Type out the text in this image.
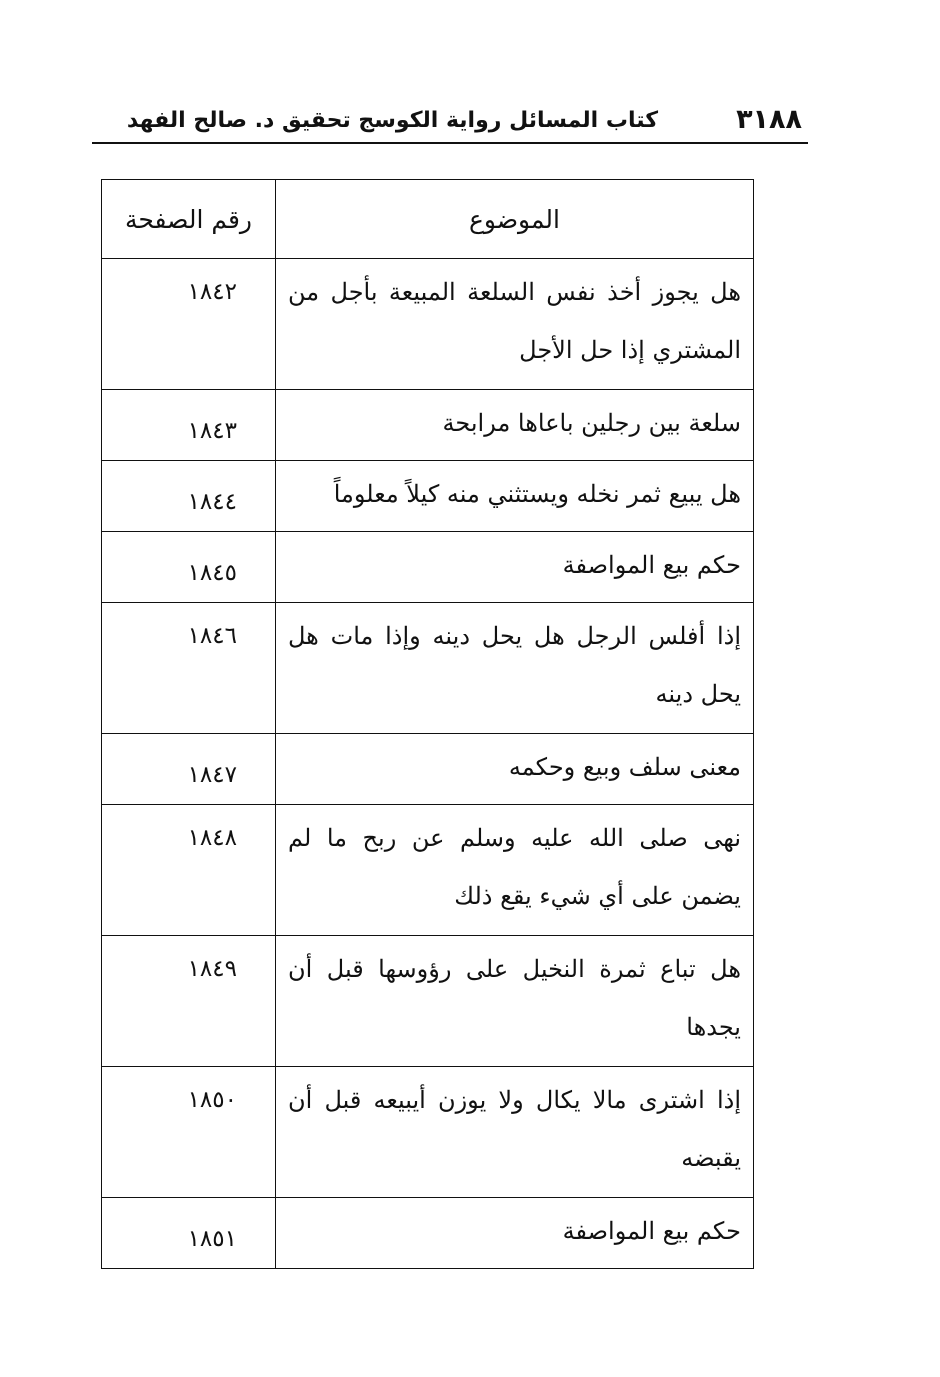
٣١٨٨
كتاب المسائل رواية الكوسج تحقيق د. صالح الفهد
الموضوع	رقم الصفحة
هل يجوز أخذ نفس السلعة المبيعة بأجل من المشتري إذا حل الأجل	١٨٤٢
سلعة بين رجلين باعاها مرابحة	١٨٤٣
هل يبيع ثمر نخله ويستثني منه كيلاً معلوماً	١٨٤٤
حكم بيع المواصفة	١٨٤٥
إذا أفلس الرجل هل يحل دينه وإذا مات هل يحل دينه	١٨٤٦
معنى سلف وبيع وحكمه	١٨٤٧
نهى صلى الله عليه وسلم عن ربح ما لم يضمن على أي شيء يقع ذلك	١٨٤٨
هل تباع ثمرة النخيل على رؤوسها قبل أن يجدها	١٨٤٩
إذا اشترى مالا يكال ولا يوزن أيبيعه قبل أن يقبضه	١٨٥٠
حكم بيع المواصفة	١٨٥١
